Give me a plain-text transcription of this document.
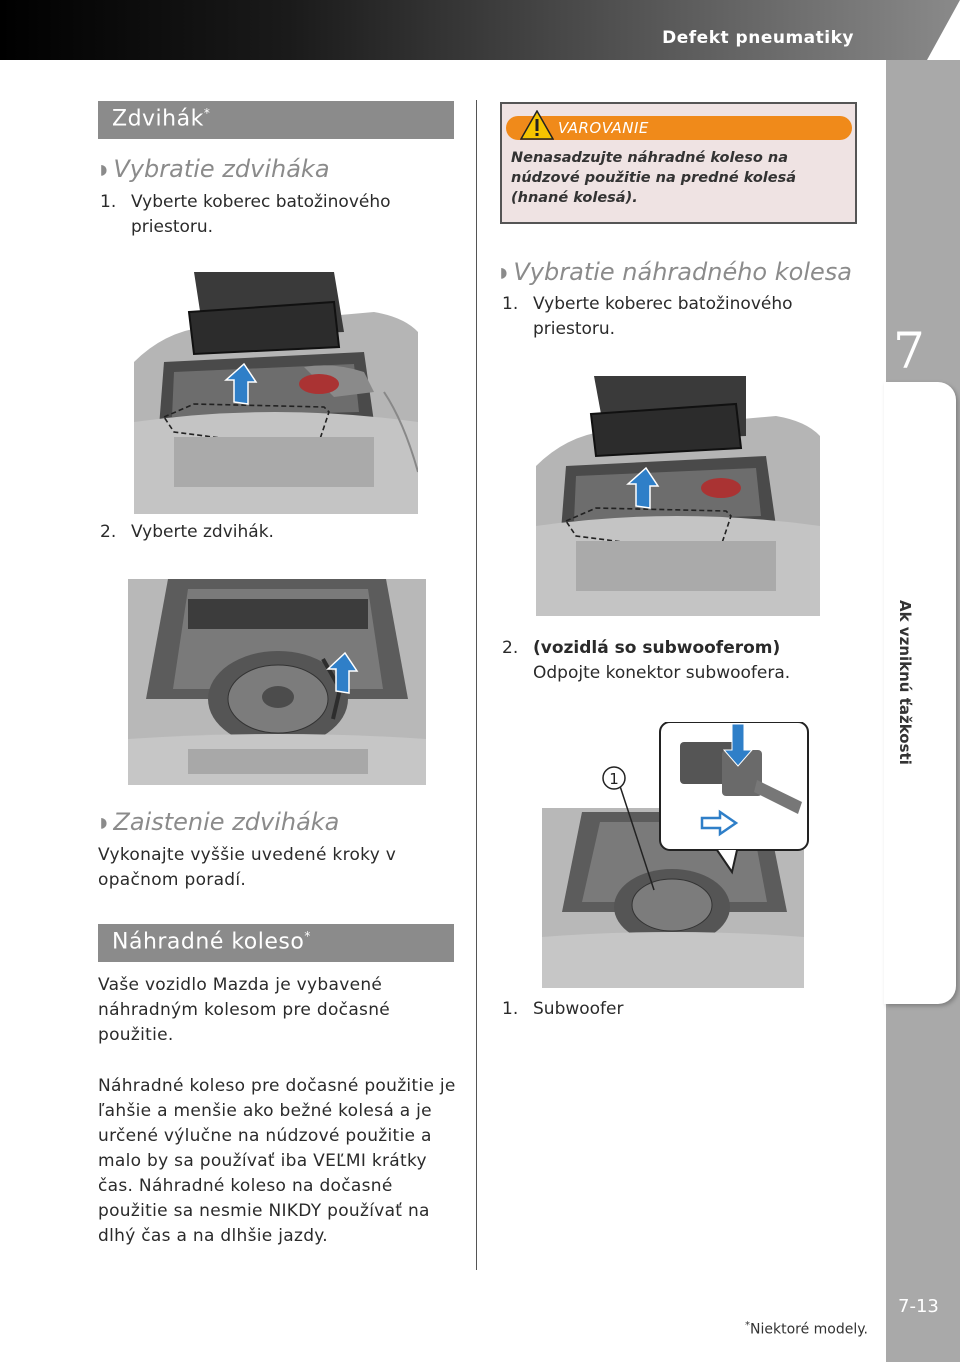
Defekt pneumatiky
7
Ak vzniknú ťažkosti
7-13
Zdvihák*
◗ Vybratie zdviháka
1. Vyberte koberec batožinového priestoru.
2. Vyberte zdvihák.
◗ Zaistenie zdviháka
Vykonajte vyššie uvedené kroky v opačnom poradí.
Náhradné koleso*
Vaše vozidlo Mazda je vybavené náhradným kolesom pre dočasné použitie.
Náhradné koleso pre dočasné použitie je ľahšie a menšie ako bežné kolesá a je určené výlučne na núdzové použitie a malo by sa používať iba VEĽMI krátky čas. Náhradné koleso na dočasné použitie sa nesmie NIKDY používať na dlhý čas a na dlhšie jazdy.
VAROVANIE
Nenasadzujte náhradné koleso na núdzové použitie na predné kolesá (hnané kolesá).
◗ Vybratie náhradného kolesa
1. Vyberte koberec batožinového priestoru.
2. (vozidlá so subwooferom)
Odpojte konektor subwoofera.
1
1. Subwoofer
*Niektoré modely.
